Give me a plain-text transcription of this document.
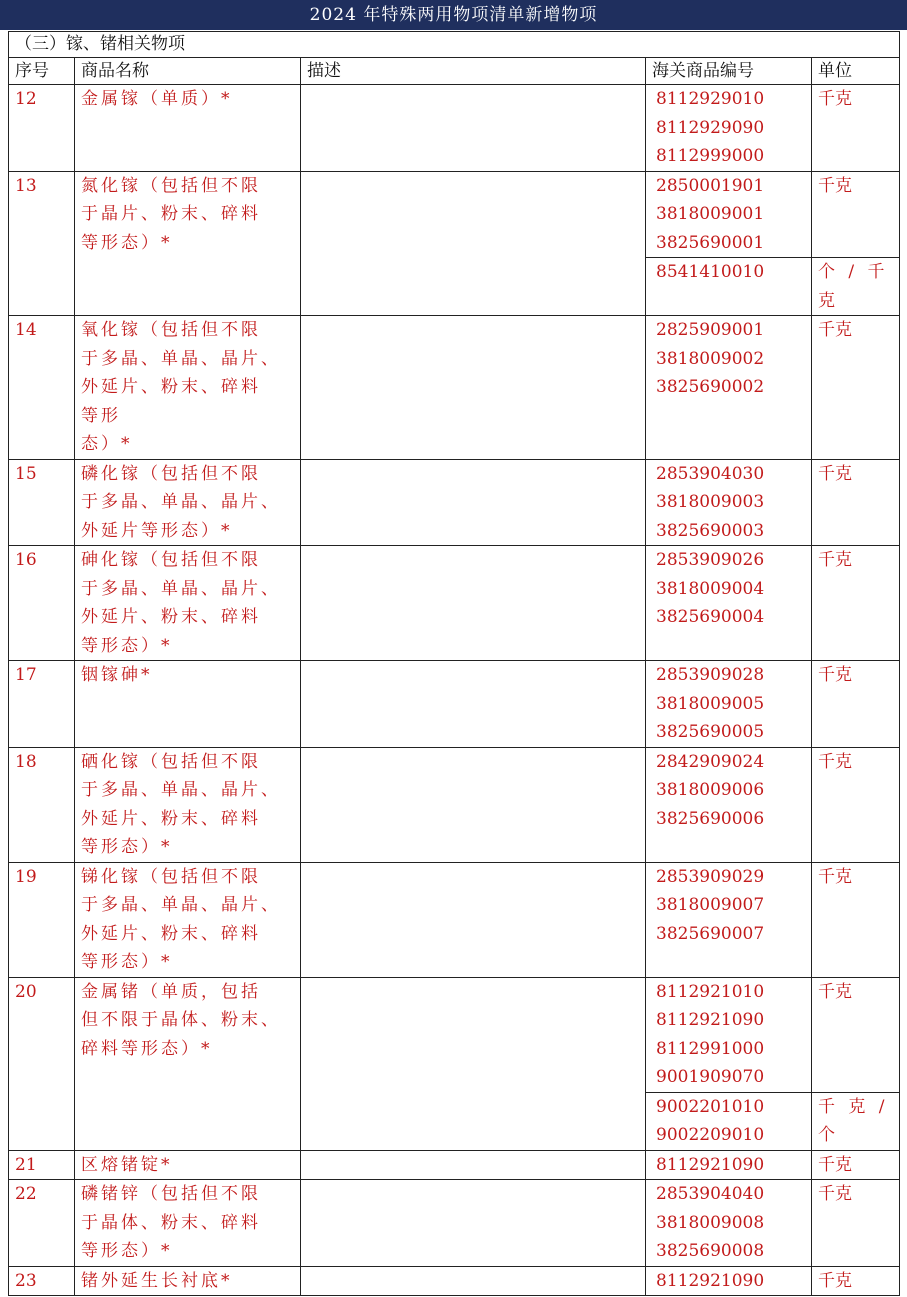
2024 年特殊两用物项清单新增物项
（三）镓、锗相关物项				
序号	商品名称	描述	海关商品编号	单位
12	金属镓（单质）*		8112929010
8112929090
8112999000	千克

13	氮化镓（包括但不限
于晶片、粉末、碎料
等形态）*		2850001901
3818009001
3825690001	千克

			8541410010	个 / 千
克

14	氧化镓（包括但不限
于多晶、单晶、晶片、
外延片、粉末、碎料
等形
态）*		2825909001
3818009002
3825690002	千克

15	磷化镓（包括但不限
于多晶、单晶、晶片、
外延片等形态）*		2853904030
3818009003
3825690003	千克

16	砷化镓（包括但不限
于多晶、单晶、晶片、
外延片、粉末、碎料
等形态）*		2853909026
3818009004
3825690004	千克

17	铟镓砷*		2853909028
3818009005
3825690005	千克

18	硒化镓（包括但不限
于多晶、单晶、晶片、
外延片、粉末、碎料
等形态）*		2842909024
3818009006
3825690006	千克

19	锑化镓（包括但不限
于多晶、单晶、晶片、
外延片、粉末、碎料
等形态）*		2853909029
3818009007
3825690007	千克

20	金属锗（单质，包括
但不限于晶体、粉末、
碎料等形态）*		8112921010
8112921090
8112991000
9001909070	千克

			9002201010
9002209010	千 克 /
个

21	区熔锗锭*		8112921090	千克

22	磷锗锌（包括但不限
于晶体、粉末、碎料
等形态）*		2853904040
3818009008
3825690008	千克

23	锗外延生长衬底*		8112921090	千克
